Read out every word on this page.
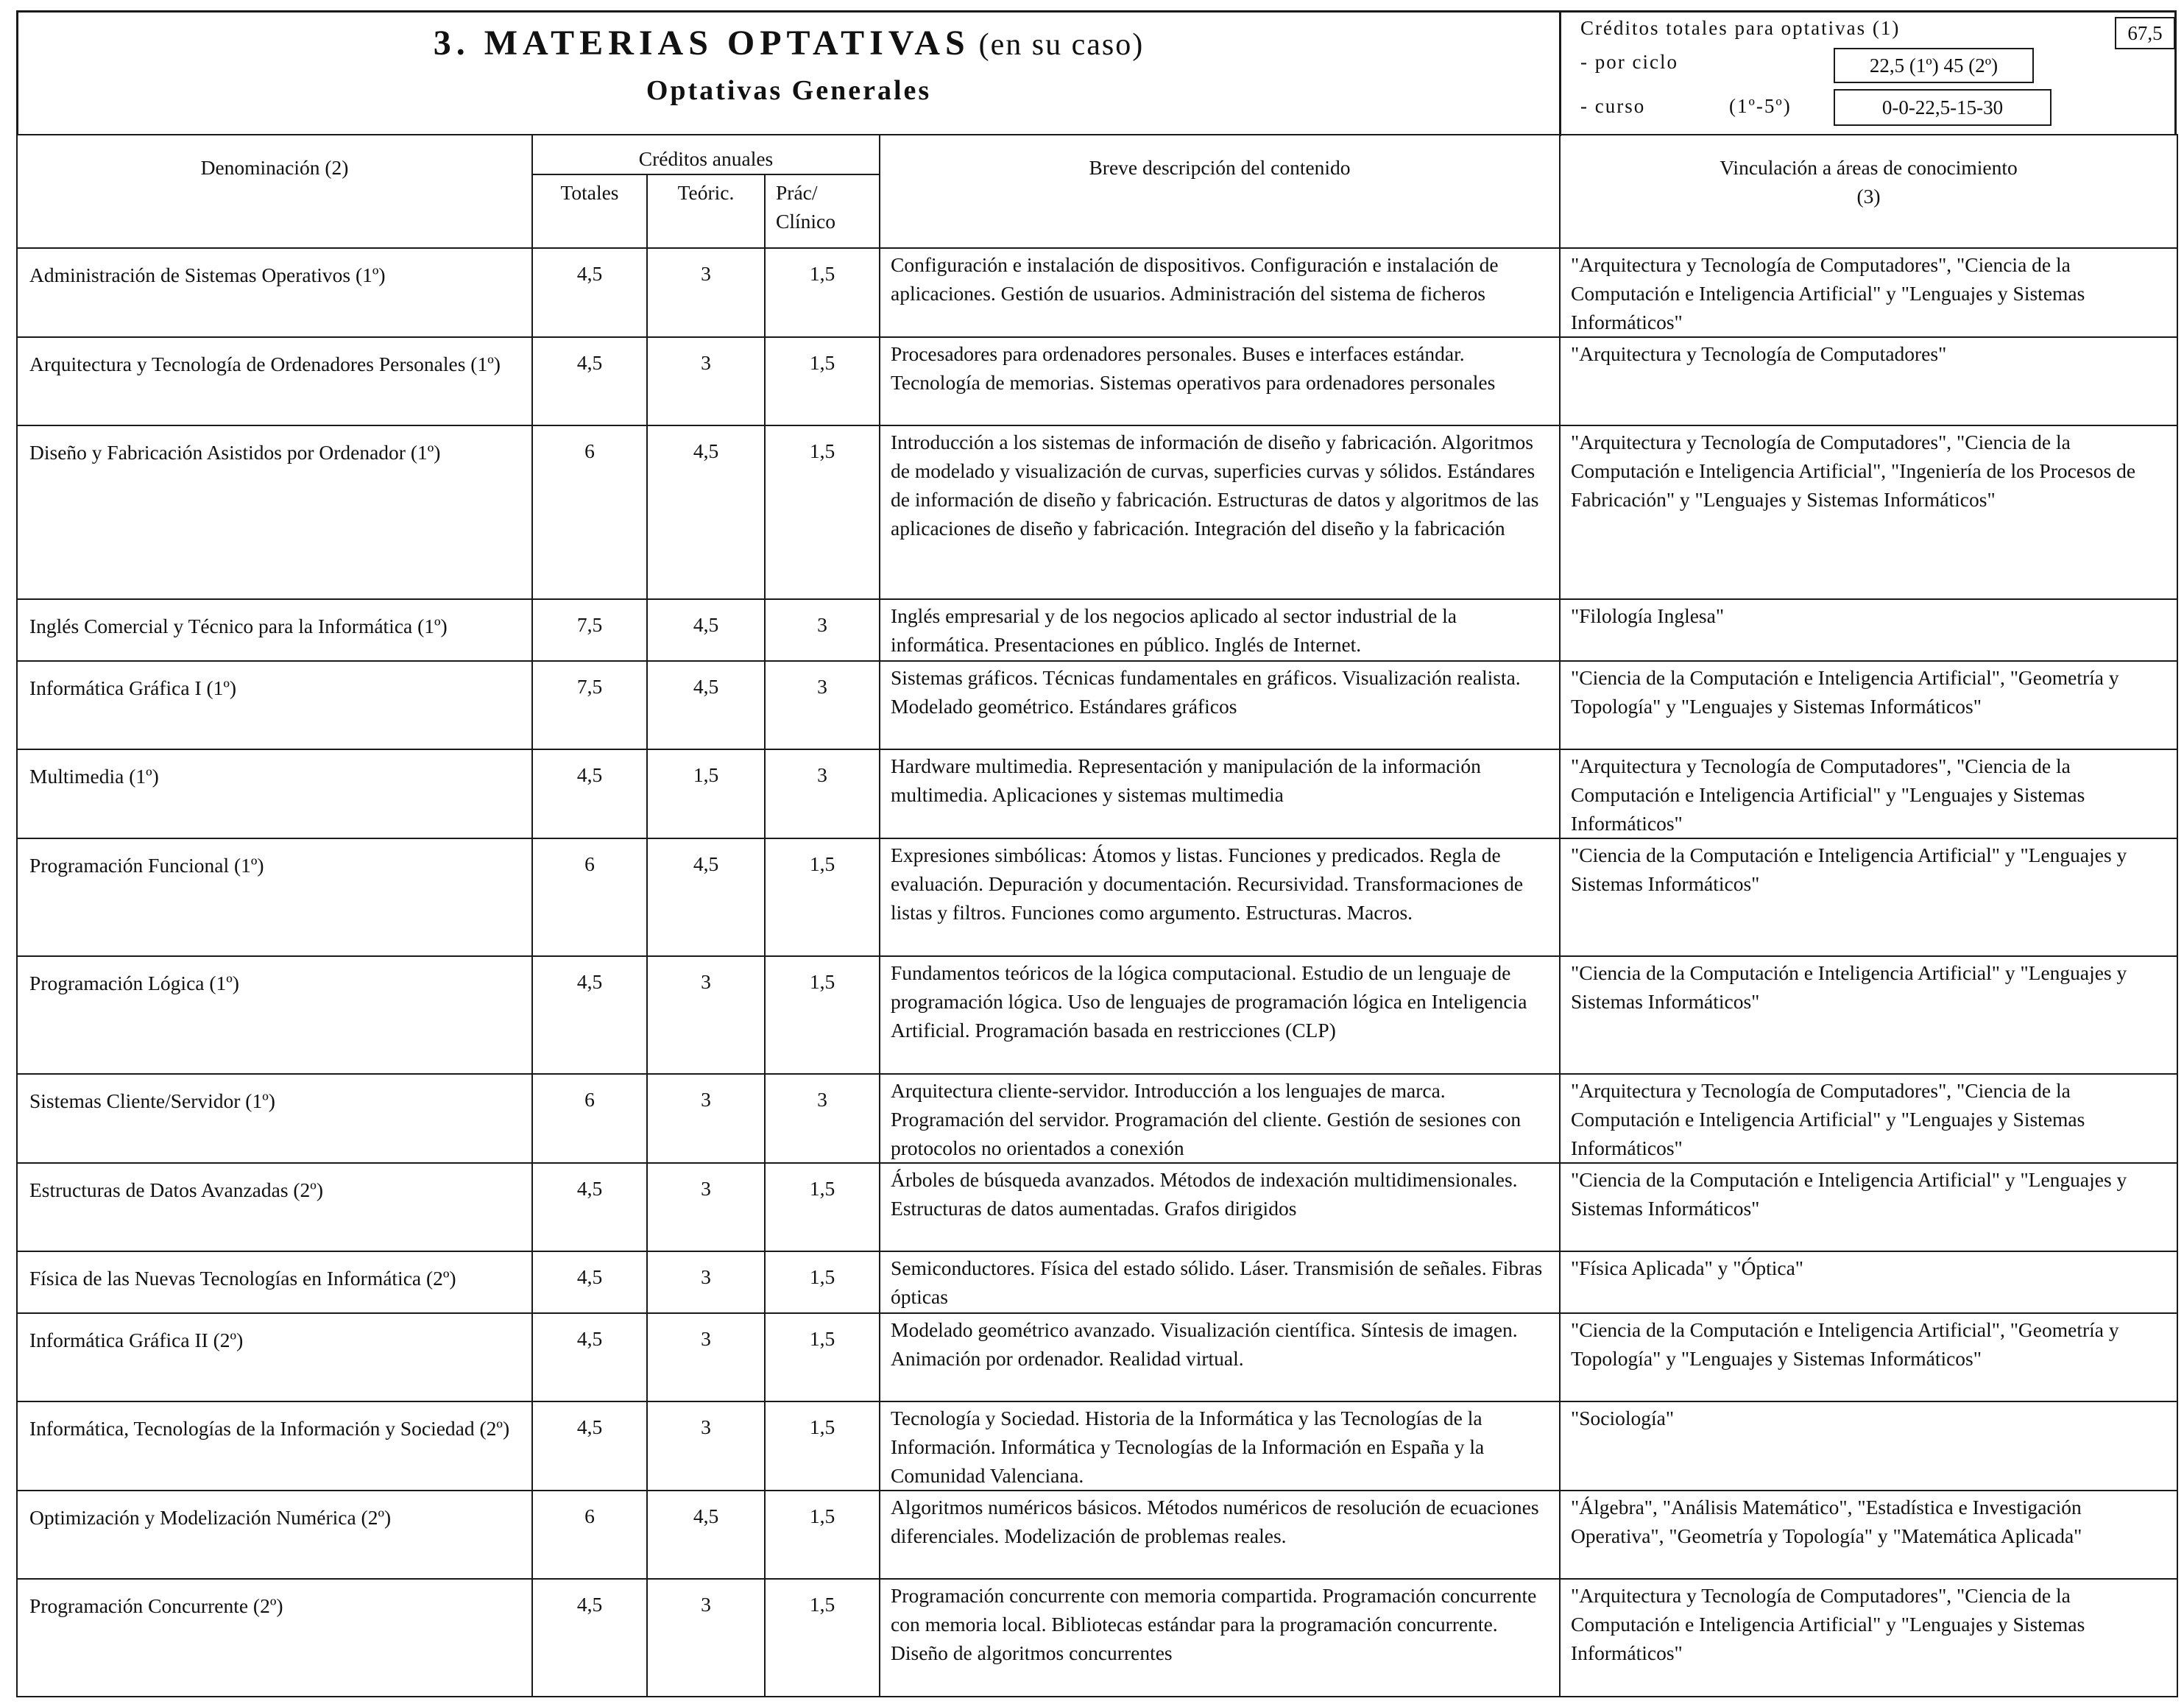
3. MATERIAS OPTATIVAS (en su caso)
Optativas Generales
Créditos totales para optativas (1)	67,5
- por ciclo	22,5 (1º) 45 (2º)
- curso	(1º-5º)	0-0-22,5-15-30
Denominación (2)	Créditos anuales			Breve descripción del contenido	Vinculación a áreas de conocimiento
(3)

	Totales	Teóric.	Prác/ Clínico		
Administración de Sistemas Operativos (1º)	4,5	3	1,5	Configuración e instalación de dispositivos. Configuración e instalación de aplicaciones. Gestión de usuarios. Administración del sistema de ficheros	"Arquitectura y Tecnología de Computadores", "Ciencia de la Computación e Inteligencia Artificial" y "Lenguajes y Sistemas Informáticos"
Arquitectura y Tecnología de Ordenadores Personales (1º)	4,5	3	1,5	Procesadores para ordenadores personales. Buses e interfaces estándar. Tecnología de memorias. Sistemas operativos para ordenadores personales	"Arquitectura y Tecnología de Computadores"
Diseño y Fabricación Asistidos por Ordenador (1º)	6	4,5	1,5	Introducción a los sistemas de información de diseño y fabricación. Algoritmos de modelado y visualización de curvas, superficies curvas y sólidos. Estándares de información de diseño y fabricación. Estructuras de datos y algoritmos de las aplicaciones de diseño y fabricación. Integración del diseño y la fabricación	"Arquitectura y Tecnología de Computadores", "Ciencia de la Computación e Inteligencia Artificial", "Ingeniería de los Procesos de Fabricación" y "Lenguajes y Sistemas Informáticos"
Inglés Comercial y Técnico para la Informática (1º)	7,5	4,5	3	Inglés empresarial y de los negocios aplicado al sector industrial de la informática. Presentaciones en público. Inglés de Internet.	"Filología Inglesa"
Informática Gráfica I (1º)	7,5	4,5	3	Sistemas gráficos. Técnicas fundamentales en gráficos. Visualización realista. Modelado geométrico. Estándares gráficos	"Ciencia de la Computación e Inteligencia Artificial", "Geometría y Topología" y "Lenguajes y Sistemas Informáticos"
Multimedia (1º)	4,5	1,5	3	Hardware multimedia. Representación y manipulación de la información multimedia. Aplicaciones y sistemas multimedia	"Arquitectura y Tecnología de Computadores", "Ciencia de la Computación e Inteligencia Artificial" y "Lenguajes y Sistemas Informáticos"
Programación Funcional (1º)	6	4,5	1,5	Expresiones simbólicas: Átomos y listas. Funciones y predicados. Regla de evaluación. Depuración y documentación. Recursividad. Transformaciones de listas y filtros. Funciones como argumento. Estructuras. Macros.	"Ciencia de la Computación e Inteligencia Artificial" y "Lenguajes y Sistemas Informáticos"
Programación Lógica (1º)	4,5	3	1,5	Fundamentos teóricos de la lógica computacional. Estudio de un lenguaje de programación lógica. Uso de lenguajes de programación lógica en Inteligencia Artificial. Programación basada en restricciones (CLP)	"Ciencia de la Computación e Inteligencia Artificial" y "Lenguajes y Sistemas Informáticos"
Sistemas Cliente/Servidor (1º)	6	3	3	Arquitectura cliente-servidor. Introducción a los lenguajes de marca. Programación del servidor. Programación del cliente. Gestión de sesiones con protocolos no orientados a conexión	"Arquitectura y Tecnología de Computadores", "Ciencia de la Computación e Inteligencia Artificial" y "Lenguajes y Sistemas Informáticos"
Estructuras de Datos Avanzadas (2º)	4,5	3	1,5	Árboles de búsqueda avanzados. Métodos de indexación multidimensionales. Estructuras de datos aumentadas. Grafos dirigidos	"Ciencia de la Computación e Inteligencia Artificial" y "Lenguajes y Sistemas Informáticos"
Física de las Nuevas Tecnologías en Informática (2º)	4,5	3	1,5	Semiconductores. Física del estado sólido. Láser. Transmisión de señales. Fibras ópticas	"Física Aplicada" y "Óptica"
Informática Gráfica II (2º)	4,5	3	1,5	Modelado geométrico avanzado. Visualización científica. Síntesis de imagen. Animación por ordenador. Realidad virtual.	"Ciencia de la Computación e Inteligencia Artificial", "Geometría y Topología" y "Lenguajes y Sistemas Informáticos"
Informática, Tecnologías de la Información y Sociedad (2º)	4,5	3	1,5	Tecnología y Sociedad. Historia de la Informática y las Tecnologías de la Información. Informática y Tecnologías de la Información en España y la Comunidad Valenciana.	"Sociología"
Optimización y Modelización Numérica (2º)	6	4,5	1,5	Algoritmos numéricos básicos. Métodos numéricos de resolución de ecuaciones diferenciales. Modelización de problemas reales.	"Álgebra", "Análisis Matemático", "Estadística e Investigación Operativa", "Geometría y Topología" y "Matemática Aplicada"
Programación Concurrente (2º)	4,5	3	1,5	Programación concurrente con memoria compartida. Programación concurrente con memoria local. Bibliotecas estándar para la programación concurrente. Diseño de algoritmos concurrentes	"Arquitectura y Tecnología de Computadores", "Ciencia de la Computación e Inteligencia Artificial" y "Lenguajes y Sistemas Informáticos"
